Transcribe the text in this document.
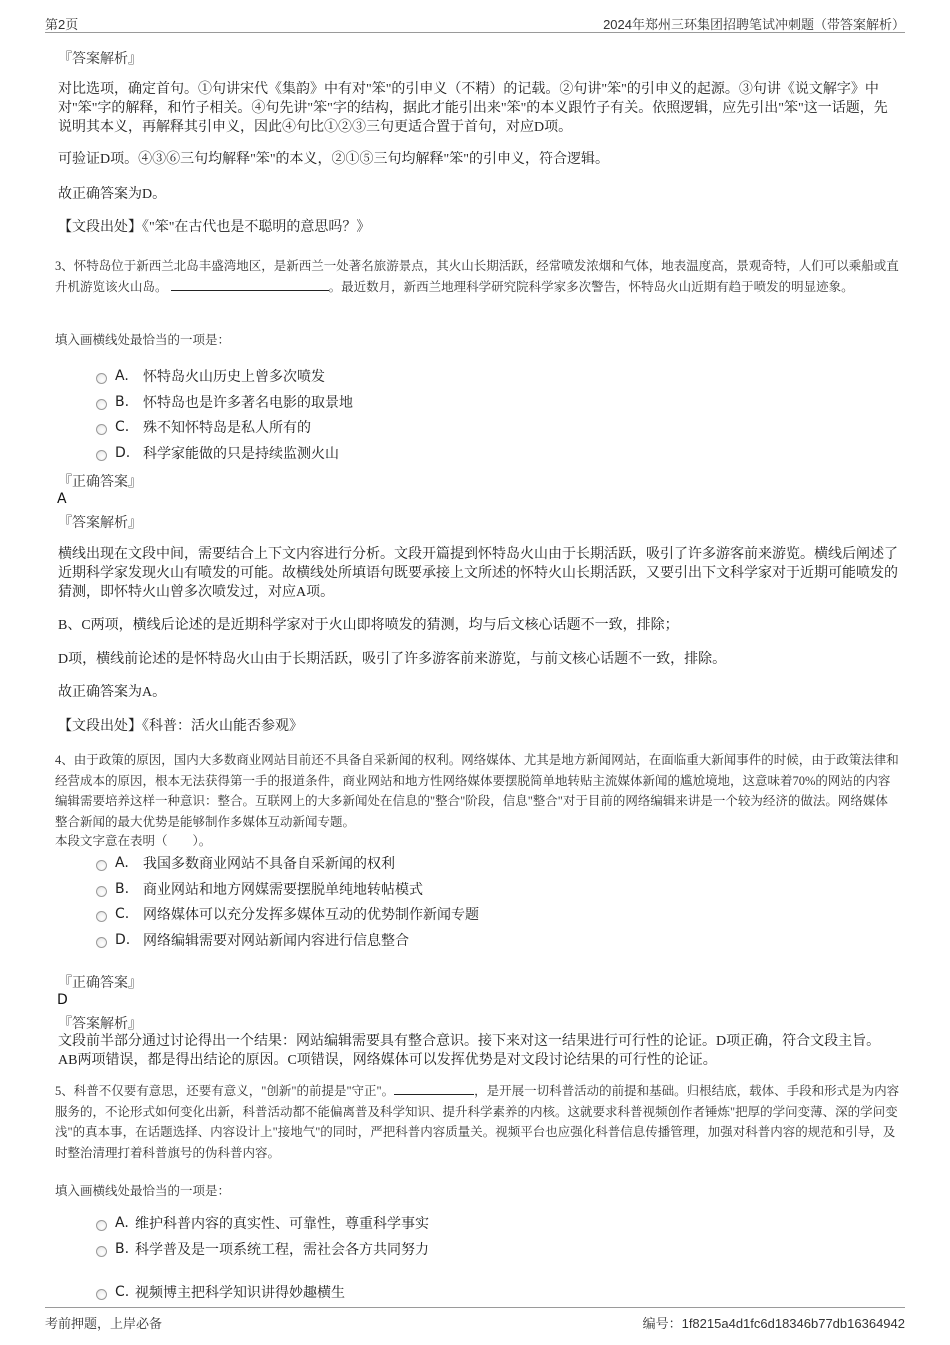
第2页	2024年郑州三环集团招聘笔试冲刺题（带答案解析）
『答案解析』
对比选项，确定首句。①句讲宋代《集韵》中有对"笨"的引申义（不精）的记载。②句讲"笨"的引申义的起源。③句讲《说文解字》中对"笨"字的解释，和竹子相关。④句先讲"笨"字的结构，据此才能引出来"笨"的本义跟竹子有关。依照逻辑，应先引出"笨"这一话题，先说明其本义，再解释其引申义，因此④句比①②③三句更适合置于首句，对应D项。
可验证D项。④③⑥三句均解释"笨"的本义，②①⑤三句均解释"笨"的引申义，符合逻辑。
故正确答案为D。
【文段出处】《"笨"在古代也是不聪明的意思吗？》
3、怀特岛位于新西兰北岛丰盛湾地区，是新西兰一处著名旅游景点，其火山长期活跃，经常喷发浓烟和气体，地表温度高，景观奇特，人们可以乘船或直升机游览该火山岛。	。最近数月，新西兰地理科学研究院科学家多次警告，怀特岛火山近期有趋于喷发的明显迹象。
填入画横线处最恰当的一项是：
A.	怀特岛火山历史上曾多次喷发
B. 怀特岛也是许多著名电影的取景地
C. 殊不知怀特岛是私人所有的
D. 科学家能做的只是持续监测火山
『正确答案』
A
『答案解析』
横线出现在文段中间，需要结合上下文内容进行分析。文段开篇提到怀特岛火山由于长期活跃，吸引了许多游客前来游览。横线后阐述了近期科学家发现火山有喷发的可能。故横线处所填语句既要承接上文所述的怀特火山长期活跃，又要引出下文科学家对于近期可能喷发的猜测，即怀特火山曾多次喷发过，对应A项。
B、C两项，横线后论述的是近期科学家对于火山即将喷发的猜测，均与后文核心话题不一致，排除；
D项，横线前论述的是怀特岛火山由于长期活跃，吸引了许多游客前来游览，与前文核心话题不一致，排除。
故正确答案为A。
【文段出处】《科普：活火山能否参观》
4、由于政策的原因，国内大多数商业网站目前还不具备自采新闻的权利。网络媒体、尤其是地方新闻网站，在面临重大新闻事件的时候，由于政策法律和经营成本的原因，根本无法获得第一手的报道条件，商业网站和地方性网络媒体要摆脱简单地转贴主流媒体新闻的尴尬境地，这意味着70%的网站的内容编辑需要培养这样一种意识：整合。互联网上的大多新闻处在信息的"整合"阶段，信息"整合"对于目前的网络编辑来讲是一个较为经济的做法。网络媒体整合新闻的最大优势是能够制作多媒体互动新闻专题。
本段文字意在表明（　　）。
A.	我国多数商业网站不具备自采新闻的权利
B. 商业网站和地方网媒需要摆脱单纯地转帖模式
C. 网络媒体可以充分发挥多媒体互动的优势制作新闻专题
D. 网络编辑需要对网站新闻内容进行信息整合
『正确答案』
D
『答案解析』
文段前半部分通过讨论得出一个结果：网站编辑需要具有整合意识。接下来对这一结果进行可行性的论证。D项正确，符合文段主旨。AB两项错误，都是得出结论的原因。C项错误，网络媒体可以发挥优势是对文段讨论结果的可行性的论证。
5、科普不仅要有意思，还要有意义，"创新"的前提是"守正"。	，是开展一切科普活动的前提和基础。归根结底，载体、手段和形式是为内容服务的，不论形式如何变化出新，科普活动都不能偏离普及科学知识、提升科学素养的内核。这就要求科普视频创作者锤炼"把厚的学问变薄、深的学问变浅"的真本事，在话题选择、内容设计上"接地气"的同时，严把科普内容质量关。视频平台也应强化科普信息传播管理，加强对科普内容的规范和引导，及时整治清理打着科普旗号的伪科普内容。
填入画横线处最恰当的一项是：
A. 维护科普内容的真实性、可靠性，尊重科学事实
B. 科学普及是一项系统工程，需社会各方共同努力
C. 视频博主把科学知识讲得妙趣横生
考前押题，上岸必备	编号：1f8215a4d1fc6d18346b77db16364942
